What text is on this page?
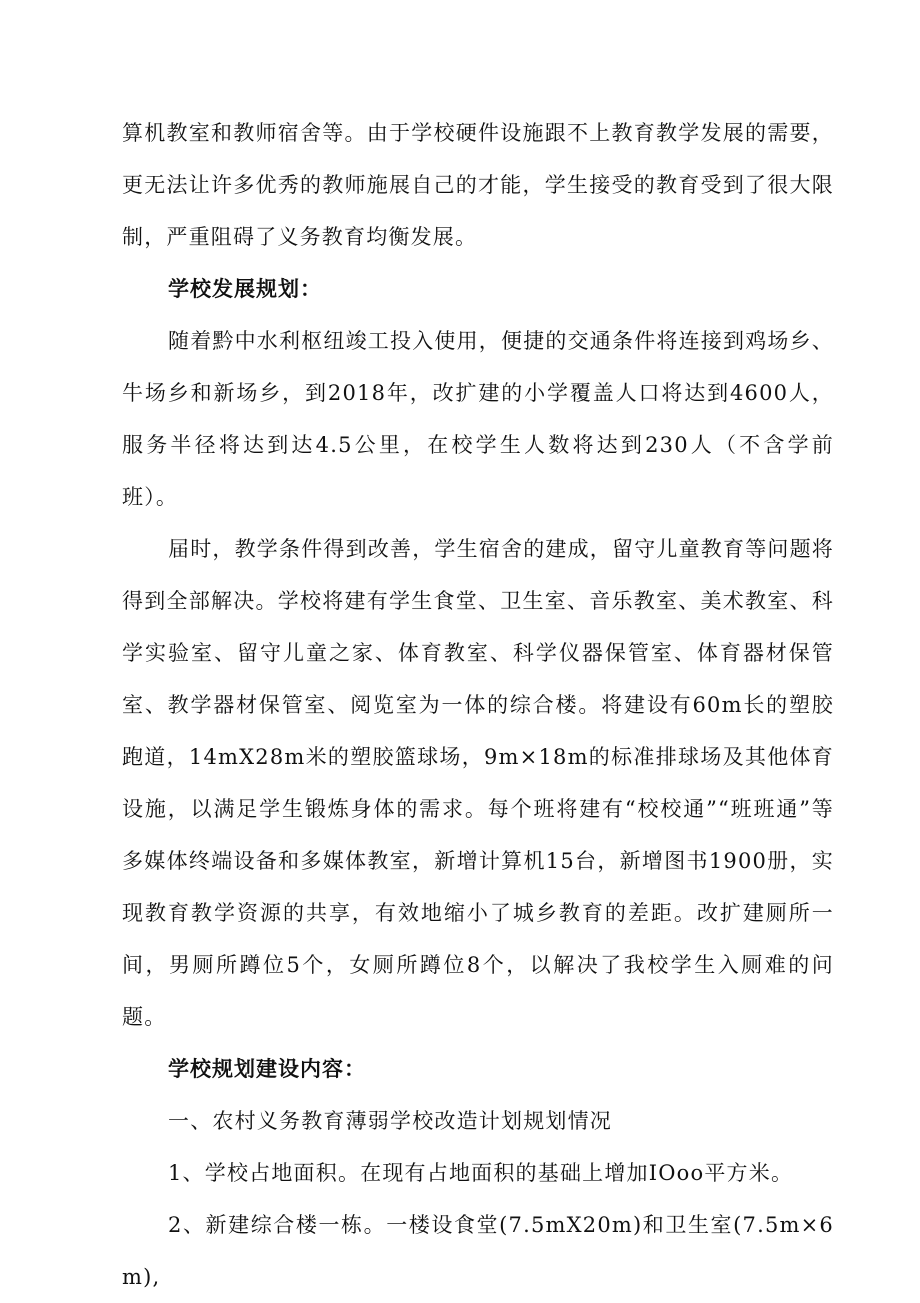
算机教室和教师宿舍等。由于学校硬件设施跟不上教育教学发展的需要，更无法让许多优秀的教师施展自己的才能，学生接受的教育受到了很大限制，严重阻碍了义务教育均衡发展。

学校发展规划：

随着黔中水利枢纽竣工投入使用，便捷的交通条件将连接到鸡场乡、牛场乡和新场乡，到2018年，改扩建的小学覆盖人口将达到4600人，服务半径将达到达4.5公里，在校学生人数将达到230人（不含学前班）。

届时，教学条件得到改善，学生宿舍的建成，留守儿童教育等问题将得到全部解决。学校将建有学生食堂、卫生室、音乐教室、美术教室、科学实验室、留守儿童之家、体育教室、科学仪器保管室、体育器材保管室、教学器材保管室、阅览室为一体的综合楼。将建设有60m长的塑胶跑道，14mX28m米的塑胶篮球场，9m×18m的标准排球场及其他体育设施，以满足学生锻炼身体的需求。每个班将建有“校校通”“班班通”等多媒体终端设备和多媒体教室，新增计算机15台，新增图书1900册，实现教育教学资源的共享，有效地缩小了城乡教育的差距。改扩建厕所一间，男厕所蹲位5个，女厕所蹲位8个，以解决了我校学生入厕难的问题。

学校规划建设内容：

一、农村义务教育薄弱学校改造计划规划情况

1、学校占地面积。在现有占地面积的基础上增加IOoo平方米。

2、新建综合楼一栋。一楼设食堂(7.5mX20m)和卫生室(7.5m×6m),
